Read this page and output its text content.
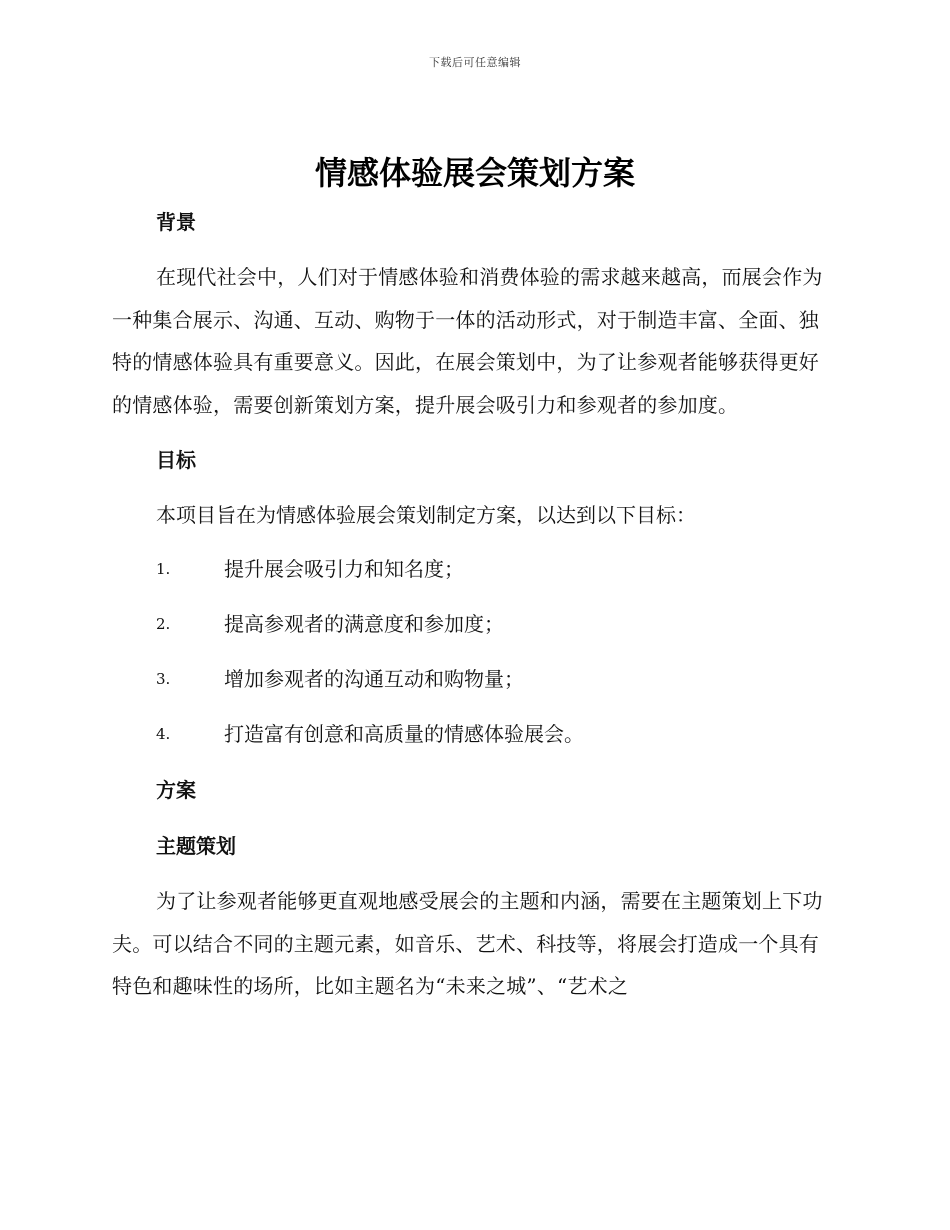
下载后可任意编辑
情感体验展会策划方案
背景

在现代社会中，人们对于情感体验和消费体验的需求越来越高，而展会作为一种集合展示、沟通、互动、购物于一体的活动形式，对于制造丰富、全面、独特的情感体验具有重要意义。因此，在展会策划中，为了让参观者能够获得更好的情感体验，需要创新策划方案，提升展会吸引力和参观者的参加度。

目标

本项目旨在为情感体验展会策划制定方案，以达到以下目标：

1.	提升展会吸引力和知名度；
2.	提高参观者的满意度和参加度；
3.	增加参观者的沟通互动和购物量；
4.	打造富有创意和高质量的情感体验展会。
方案
主题策划

为了让参观者能够更直观地感受展会的主题和内涵，需要在主题策划上下功夫。可以结合不同的主题元素，如音乐、艺术、科技等，将展会打造成一个具有特色和趣味性的场所，比如主题名为“未来之城”、“艺术之
